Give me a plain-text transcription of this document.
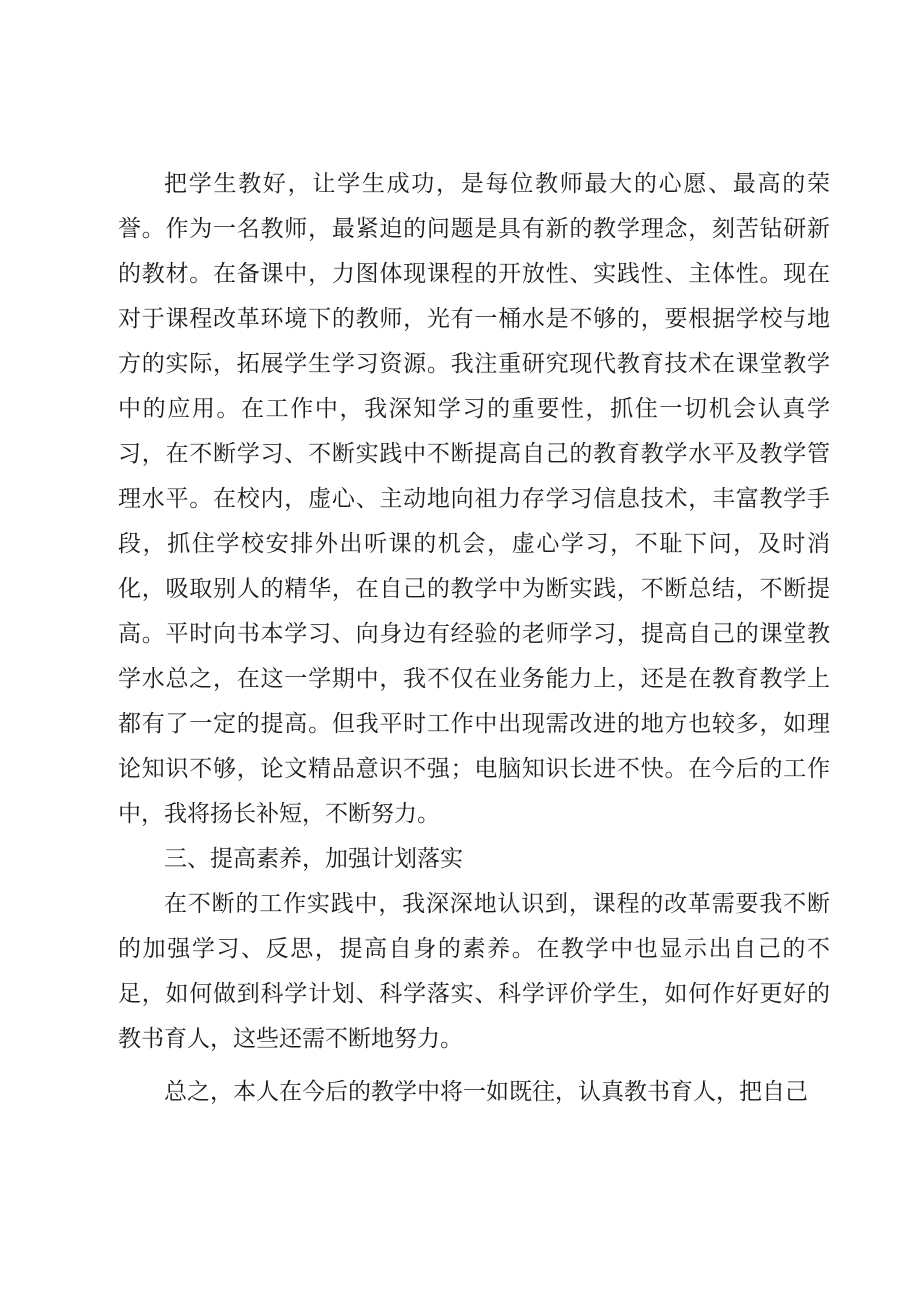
把学生教好，让学生成功，是每位教师最大的心愿、最高的荣誉。作为一名教师，最紧迫的问题是具有新的教学理念，刻苦钻研新的教材。在备课中，力图体现课程的开放性、实践性、主体性。现在对于课程改革环境下的教师，光有一桶水是不够的，要根据学校与地方的实际，拓展学生学习资源。我注重研究现代教育技术在课堂教学中的应用。在工作中，我深知学习的重要性，抓住一切机会认真学习，在不断学习、不断实践中不断提高自己的教育教学水平及教学管理水平。在校内，虚心、主动地向祖力存学习信息技术，丰富教学手段，抓住学校安排外出听课的机会，虚心学习，不耻下问，及时消化，吸取别人的精华，在自己的教学中为断实践，不断总结，不断提高。平时向书本学习、向身边有经验的老师学习，提高自己的课堂教学水总之，在这一学期中，我不仅在业务能力上，还是在教育教学上都有了一定的提高。但我平时工作中出现需改进的地方也较多，如理论知识不够，论文精品意识不强；电脑知识长进不快。在今后的工作中，我将扬长补短，不断努力。

三、提高素养，加强计划落实

在不断的工作实践中，我深深地认识到，课程的改革需要我不断的加强学习、反思，提高自身的素养。在教学中也显示出自己的不足，如何做到科学计划、科学落实、科学评价学生，如何作好更好的教书育人，这些还需不断地努力。

总之，本人在今后的教学中将一如既往，认真教书育人，把自己
